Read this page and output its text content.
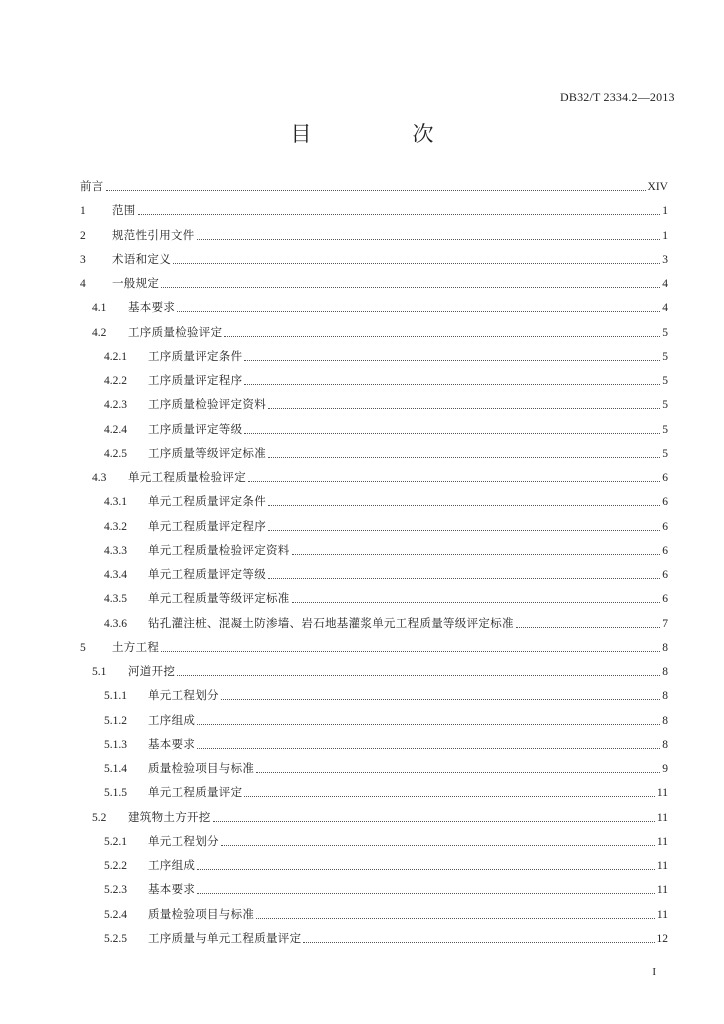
DB32/T 2334.2—2013
目　次
前言	XIV
1	范围	1
2	规范性引用文件	1
3	术语和定义	3
4	一般规定	4
4.1	基本要求	4
4.2	工序质量检验评定	5
4.2.1	工序质量评定条件	5
4.2.2	工序质量评定程序	5
4.2.3	工序质量检验评定资料	5
4.2.4	工序质量评定等级	5
4.2.5	工序质量等级评定标准	5
4.3	单元工程质量检验评定	6
4.3.1	单元工程质量评定条件	6
4.3.2	单元工程质量评定程序	6
4.3.3	单元工程质量检验评定资料	6
4.3.4	单元工程质量评定等级	6
4.3.5	单元工程质量等级评定标准	6
4.3.6	钻孔灌注桩、混凝土防渗墙、岩石地基灌浆单元工程质量等级评定标准	7
5	土方工程	8
5.1	河道开挖	8
5.1.1	单元工程划分	8
5.1.2	工序组成	8
5.1.3	基本要求	8
5.1.4	质量检验项目与标准	9
5.1.5	单元工程质量评定	11
5.2	建筑物土方开挖	11
5.2.1	单元工程划分	11
5.2.2	工序组成	11
5.2.3	基本要求	11
5.2.4	质量检验项目与标准	11
5.2.5	工序质量与单元工程质量评定	12
I
